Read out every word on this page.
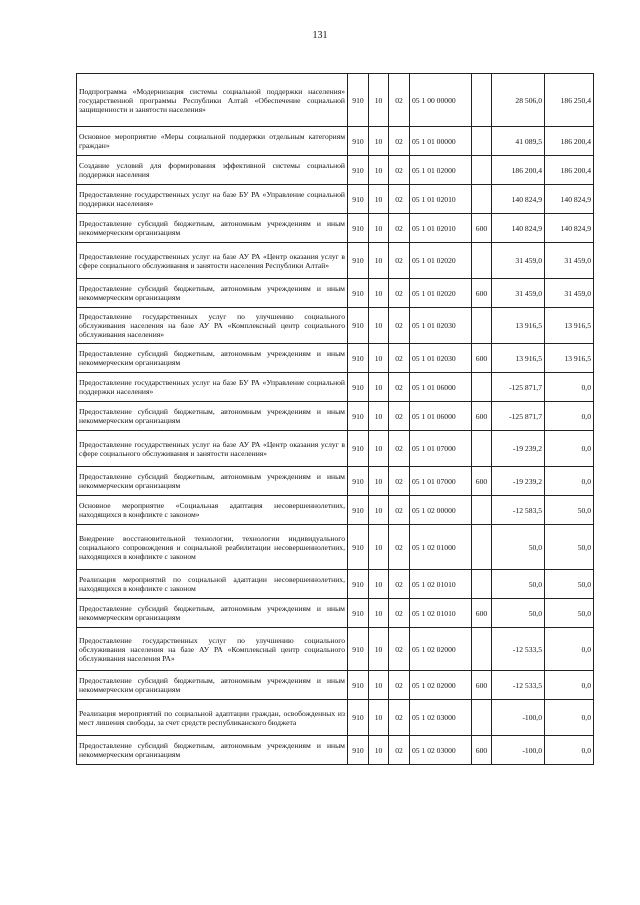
131
Подпрограмма «Модернизация системы социальной поддержки населения» государственной программы Республики Алтай «Обеспечение социальной защищенности и занятости населения»	910	10	02	05 1 00 00000		28 506,0	186 250,4
Основное мероприятие «Меры социальной поддержки отдельным категориям граждан»	910	10	02	05 1 01 00000		41 089,5	186 200,4
Создание условий для формирования эффективной системы социальной поддержки населения	910	10	02	05 1 01 02000		186 200,4	186 200,4
Предоставление государственных услуг на базе БУ РА «Управление социальной поддержки населения»	910	10	02	05 1 01 02010		140 824,9	140 824,9
Предоставление субсидий бюджетным, автономным учреждениям и иным некоммерческим организациям	910	10	02	05 1 01 02010	600	140 824,9	140 824,9
Предоставление государственных услуг на базе АУ РА «Центр оказания услуг в сфере социального обслуживания и занятости населения Республики Алтай»	910	10	02	05 1 01 02020		31 459,0	31 459,0
Предоставление субсидий бюджетным, автономным учреждениям и иным некоммерческим организациям	910	10	02	05 1 01 02020	600	31 459,0	31 459,0
Предоставление государственных услуг по улучшению социального обслуживания населения на базе АУ РА «Комплексный центр социального обслуживания населения»	910	10	02	05 1 01 02030		13 916,5	13 916,5
Предоставление субсидий бюджетным, автономным учреждениям и иным некоммерческим организациям	910	10	02	05 1 01 02030	600	13 916,5	13 916,5
Предоставление государственных услуг на базе БУ РА «Управление социальной поддержки населения»	910	10	02	05 1 01 06000		-125 871,7	0,0
Предоставление субсидий бюджетным, автономным учреждениям и иным некоммерческим организациям	910	10	02	05 1 01 06000	600	-125 871,7	0,0
Предоставление государственных услуг на базе АУ РА «Центр оказания услуг в сфере социального обслуживания и занятости населения»	910	10	02	05 1 01 07000		-19 239,2	0,0
Предоставление субсидий бюджетным, автономным учреждениям и иным некоммерческим организациям	910	10	02	05 1 01 07000	600	-19 239,2	0,0
Основное мероприятие «Социальная адаптация несовершеннолетних, находящихся в конфликте с законом»	910	10	02	05 1 02 00000		-12 583,5	50,0
Внедрение восстановительной технологии, технологии индивидуального социального сопровождения и социальной реабилитации несовершеннолетних, находящихся в конфликте с законом	910	10	02	05 1 02 01000		50,0	50,0
Реализация мероприятий по социальной адаптации несовершеннолетних, находящихся в конфликте с законом	910	10	02	05 1 02 01010		50,0	50,0
Предоставление субсидий бюджетным, автономным учреждениям и иным некоммерческим организациям	910	10	02	05 1 02 01010	600	50,0	50,0
Предоставление государственных услуг по улучшению социального обслуживания населения на базе АУ РА «Комплексный центр социального обслуживания населения РА»	910	10	02	05 1 02 02000		-12 533,5	0,0
Предоставление субсидий бюджетным, автономным учреждениям и иным некоммерческим организациям	910	10	02	05 1 02 02000	600	-12 533,5	0,0
Реализация мероприятий по социальной адаптации граждан, освобожденных из мест лишения свободы, за счет средств республиканского бюджета	910	10	02	05 1 02 03000		-100,0	0,0
Предоставление субсидий бюджетным, автономным учреждениям и иным некоммерческим организациям	910	10	02	05 1 02 03000	600	-100,0	0,0
